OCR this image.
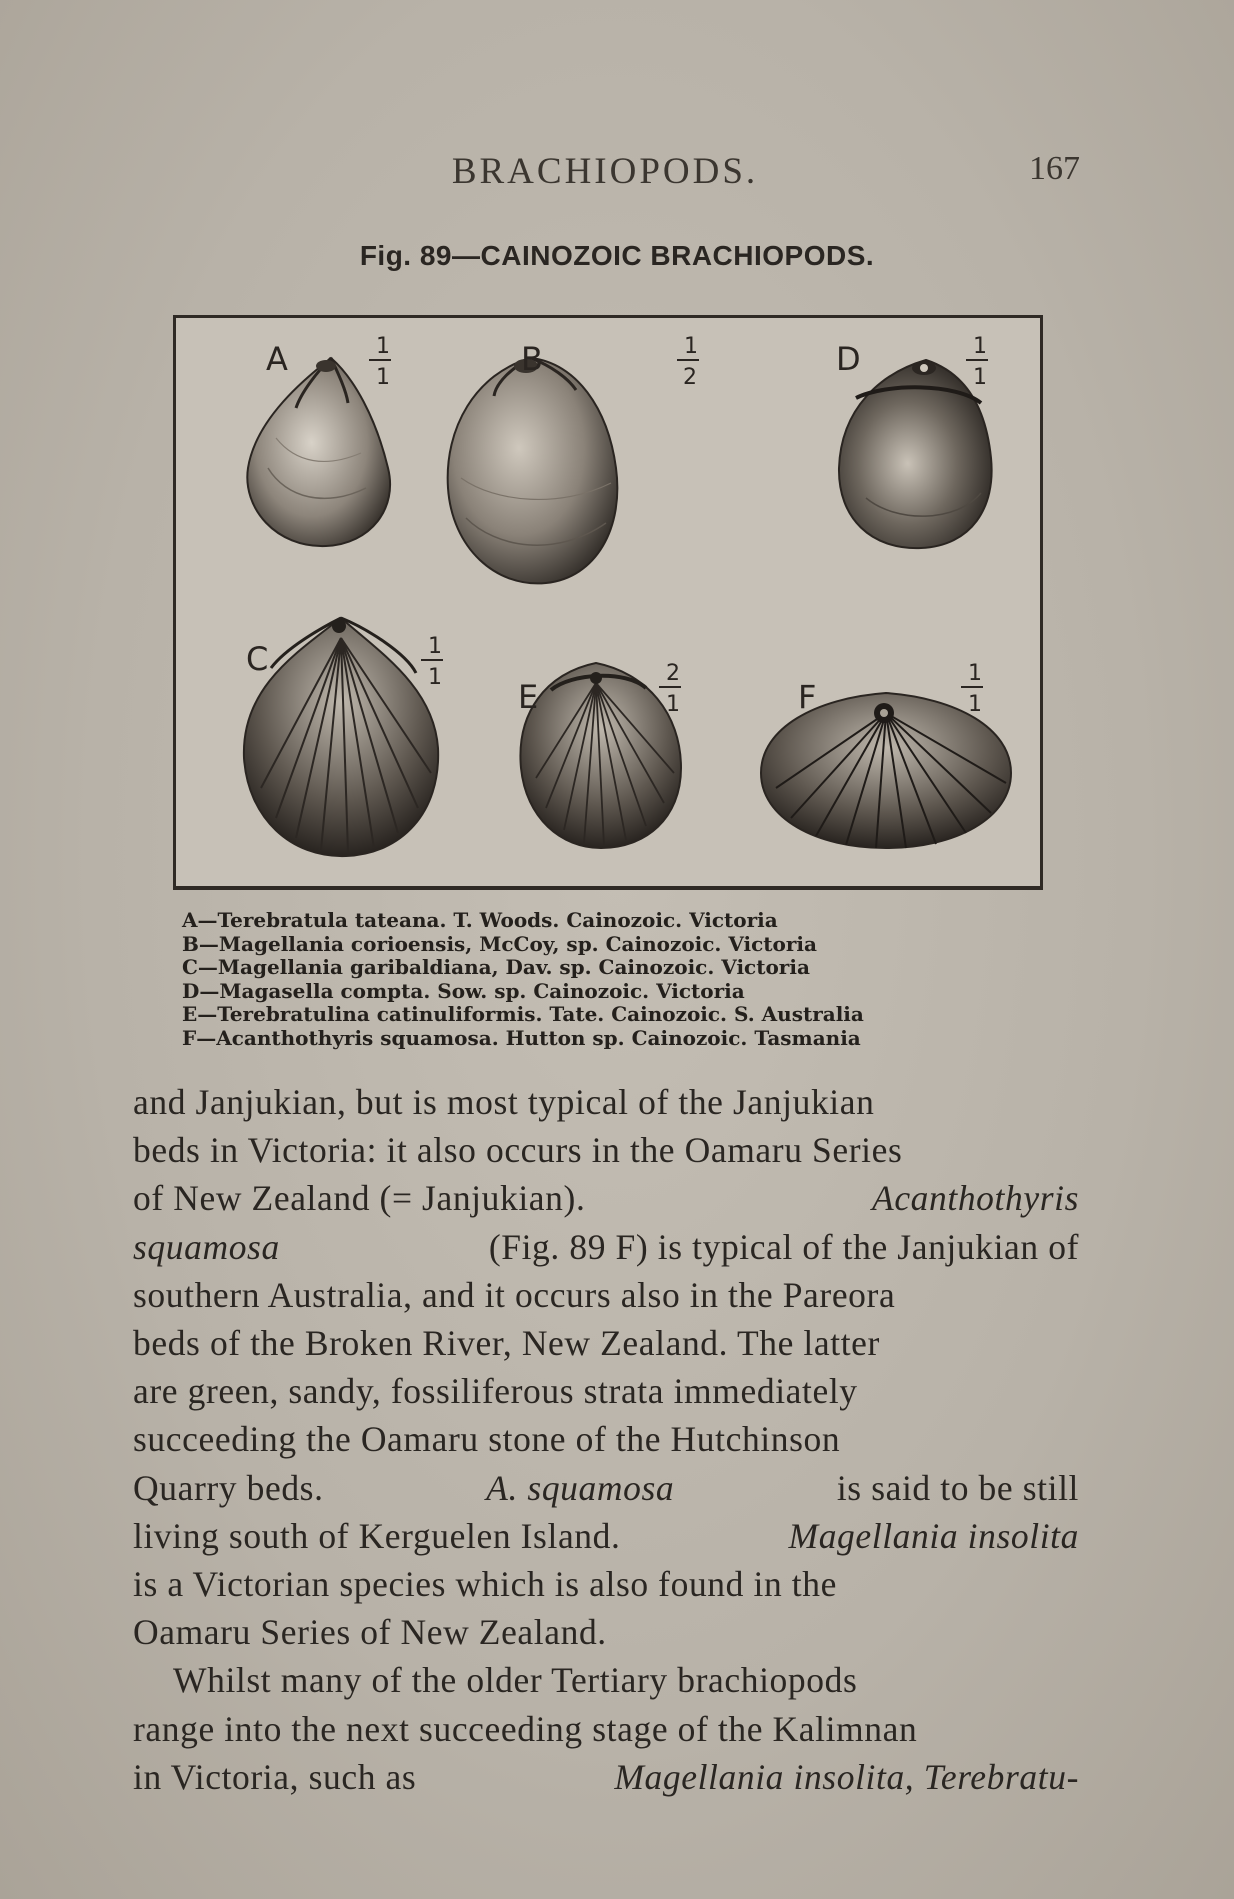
BRACHIOPODS.	167
Fig. 89—CAINOZOIC BRACHIOPODS.
A	1
1	B	1
2	D	1
1
C	1
1
E
2
1	F
1
1
A—Terebratula tateana. T. Woods. Cainozoic. Victoria
B—Magellania corioensis, McCoy, sp. Cainozoic. Victoria
C—Magellania garibaldiana, Dav. sp. Cainozoic. Victoria
D—Magasella compta. Sow. sp. Cainozoic. Victoria
E—Terebratulina catinuliformis. Tate. Cainozoic. S. Australia
F—Acanthothyris squamosa. Hutton sp. Cainozoic. Tasmania
and Janjukian, but is most typical of the Janjukian
beds in Victoria: it also occurs in the Oamaru Series
of New Zealand (= Janjukian).	Acanthothyris
squamosa	(Fig. 89 F) is typical of the Janjukian of
southern Australia, and it occurs also in the Pareora
beds of the Broken River, New Zealand. The latter
are green, sandy, fossiliferous strata immediately
succeeding the Oamaru stone of the Hutchinson
Quarry beds.	A. squamosa	is said to be still
living south of Kerguelen Island.	Magellania insolita
is a Victorian species which is also found in the
Oamaru Series of New Zealand.
Whilst many of the older Tertiary brachiopods
range into the next succeeding stage of the Kalimnan
in Victoria, such as	Magellania insolita, Terebratu-
